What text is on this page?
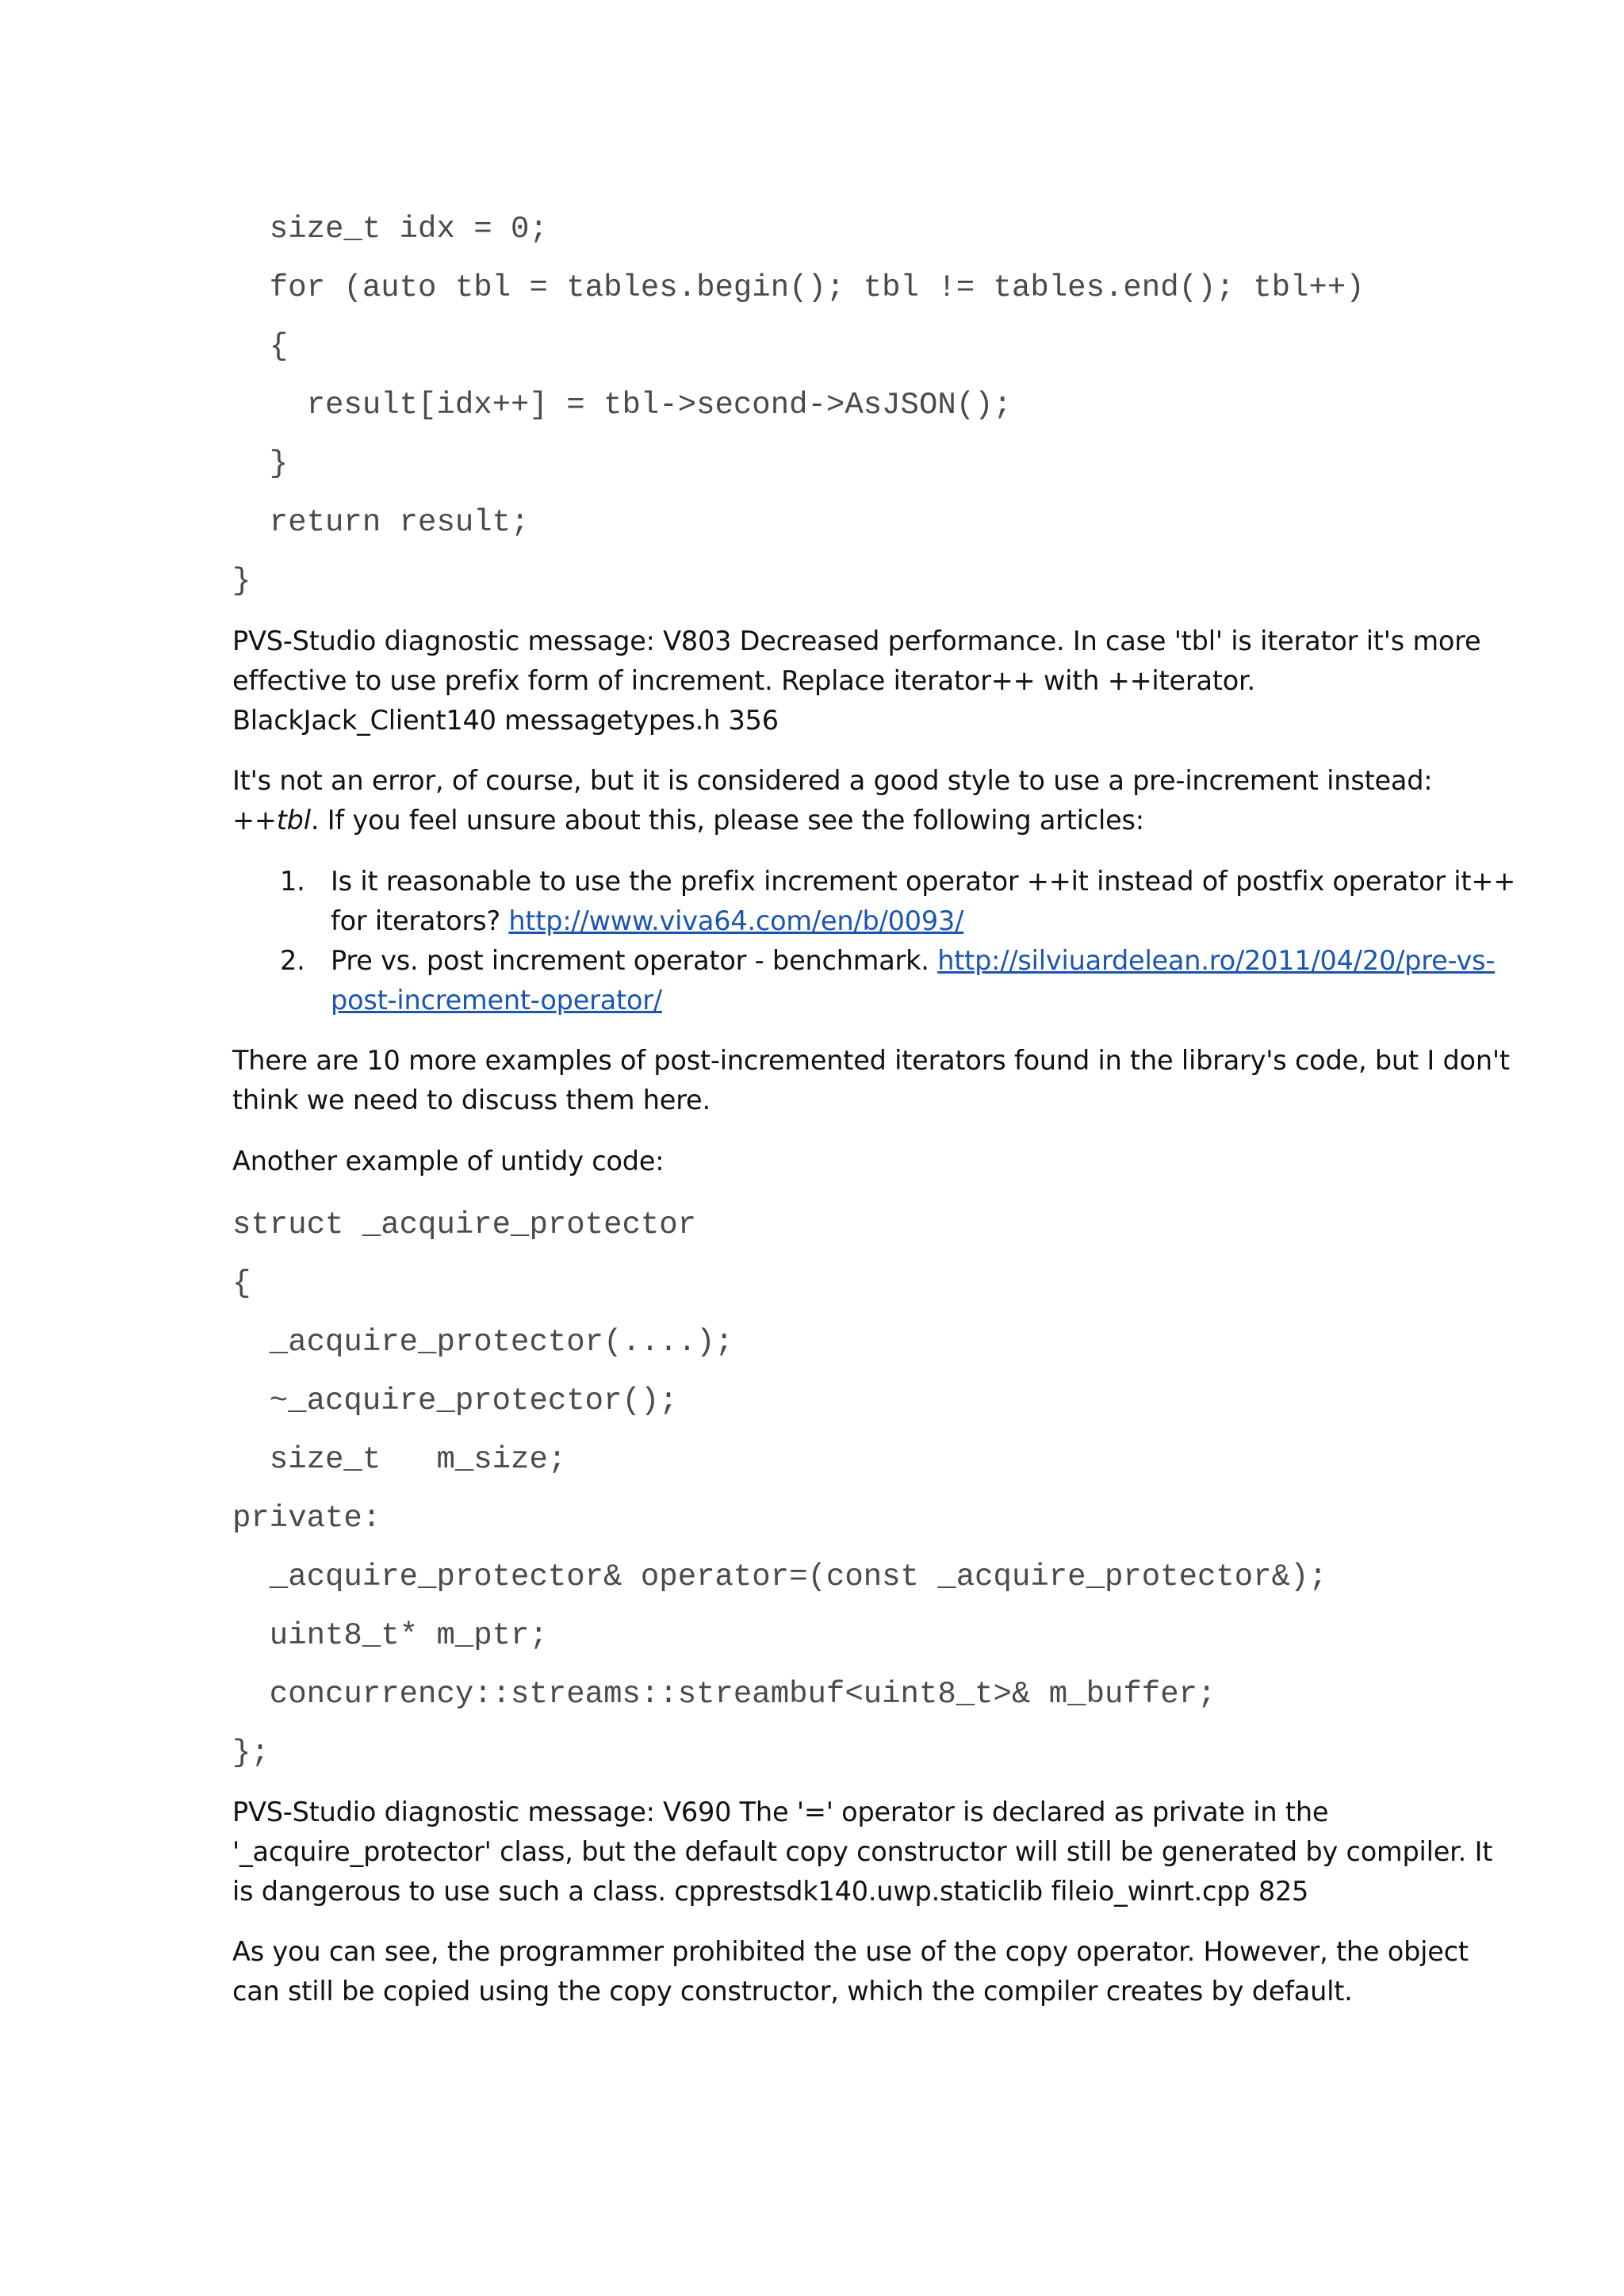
size_t idx = 0;
for (auto tbl = tables.begin(); tbl != tables.end(); tbl++)
{
result[idx++] = tbl->second->AsJSON();
}
return result;
}

PVS-Studio diagnostic message: V803 Decreased performance. In case 'tbl' is iterator it's more effective to use prefix form of increment. Replace iterator++ with ++iterator. BlackJack_Client140 messagetypes.h 356

It's not an error, of course, but it is considered a good style to use a pre-increment instead: ++tbl. If you feel unsure about this, please see the following articles:

1. Is it reasonable to use the prefix increment operator ++it instead of postfix operator it++ for iterators? http://www.viva64.com/en/b/0093/
2. Pre vs. post increment operator - benchmark. http://silviuardelean.ro/2011/04/20/pre-vs-post-increment-operator/

There are 10 more examples of post-incremented iterators found in the library's code, but I don't think we need to discuss them here.

Another example of untidy code:

struct _acquire_protector
{
_acquire_protector(....);
~_acquire_protector();
size_t   m_size;
private:
_acquire_protector& operator=(const _acquire_protector&);
uint8_t* m_ptr;
concurrency::streams::streambuf<uint8_t>& m_buffer;
};

PVS-Studio diagnostic message: V690 The '=' operator is declared as private in the '_acquire_protector' class, but the default copy constructor will still be generated by compiler. It is dangerous to use such a class. cpprestsdk140.uwp.staticlib fileio_winrt.cpp 825

As you can see, the programmer prohibited the use of the copy operator. However, the object can still be copied using the copy constructor, which the compiler creates by default.
